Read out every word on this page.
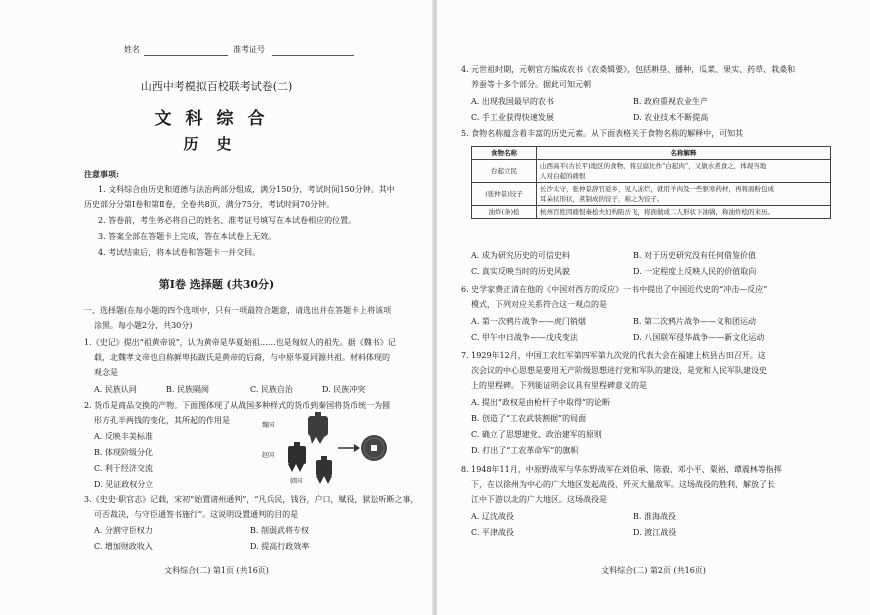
姓名	准考证号
山西中考模拟百校联考试卷(二)
文科综合
历史
注意事项:
1. 文科综合由历史和道德与法治两部分组成，满分150分，考试时间150分钟。其中
历史部分分第Ⅰ卷和第Ⅱ卷，全卷共8页，满分75分，考试时间70分钟。
2. 答卷前，考生务必将自己的姓名、准考证号填写在本试卷相应的位置。
3. 答案全部在答题卡上完成，答在本试卷上无效。
4. 考试结束后，将本试卷和答题卡一并交回。
第Ⅰ卷 选择题 (共30分)
一、选择题(在每小题的四个选项中，只有一项最符合题意，请选出并在答题卡上将该项
涂黑。每小题2分，共30分)
1.《史记》提出“祖黄帝说”，认为黄帝是华夏始祖……也是匈奴人的祖先。据《魏书》记
载，北魏孝文帝也自称鲜卑拓跋氏是黄帝的后裔，与中原华夏同源共祖。材料体现的
观念是
A. 民族认同	B. 民族隔阂	C. 民族自治	D. 民族冲突
2. 货币是商品交换的产物。下面图体现了从战国多种样式的货币到秦国将货币统一为圆
形方孔半两钱的变化，其所起的作用是
A. 反映丰美标准
B. 体现阶级分化
C. 利于经济交流
D. 见证政权分立
魏国
赵国
韩国
3.《史史·职官志》记载，宋初“始置诸州通判”，“凡兵民，钱谷，户口，赋役，狱讼听断之事，
可否裁决，与守臣通签书施行”。这说明设置通判的目的是
A. 分割守臣权力	B. 削弱武将专权
C. 增加财政收入	D. 提高行政效率
文科综合(二) 第1页 (共16页)
4. 元世祖时期，元朝官方编成农书《农桑辑要》，包括耕垦、播种，瓜菜、果实、药草、栽桑和
养蚕等十多个部分。据此可知元朝
A. 出现我国最早的农书	B. 政府重视农业生产
C. 手工业获得快速发展	D. 农业技术不断提高
5. 食物名称蕴含着丰富的历史元素。从下面表格关于食物名称的解释中，可知其
食物名称	名称解释
台起立民	山西高平(古长平)地区的食物，将豆腐比作“白起肉”，又做水煮食之，体现当地
人对白起的痛恨

(张仲景)饺子	长沙太守，张仲景辞官返乡，见人冻烂，就用羊肉及一些驱寒药材，再将面粉包成
耳朵状形状，煮制成的饺子，称之为饺子。

油炸(条)桧	杭州百姓因痛恨秦桧夫妇构陷岳飞，将面做成二人形状下油锅，称油炸桧的来历。
A. 成为研究历史的可信史料	B. 对于历史研究没有任何借鉴价值
C. 真实反映当时的历史风貌	D. 一定程度上反映人民的价值取向
6. 史学家费正清在他的《中国对西方的反应》一书中提出了中国近代史的“冲击—反应”
模式，下列对应关系符合这一观点的是
A. 第一次鸦片战争——虎门销烟	B. 第二次鸦片战争——义和团运动
C. 甲午中日战争——戊戌变法	D. 八国联军侵华战争——新文化运动
7. 1929年12月，中国工农红军第四军第九次党的代表大会在福建上杭县古田召开。这
次会议的中心思想是要用无产阶级思想进行党和军队的建设，是党和人民军队建设史
上的里程碑。下列能证明会议具有里程碑意义的是
A. 提出“政权是由枪杆子中取得”的论断
B. 创造了“工农武装割据”的局面
C. 确立了思想建党、政治建军的原则
D. 打出了“工农革命军”的旗帜
8. 1948年11月，中原野战军与华东野战军在刘伯承、陈毅、邓小平、粟裕、谭震林等指挥
下，在以徐州为中心的广大地区发起战役，歼灭大量敌军。这场战役的胜利，解放了长
江中下游以北的广大地区。这场战役是
A. 辽沈战役	B. 淮海战役
C. 平津战役	D. 渡江战役
文科综合(二) 第2页 (共16页)
